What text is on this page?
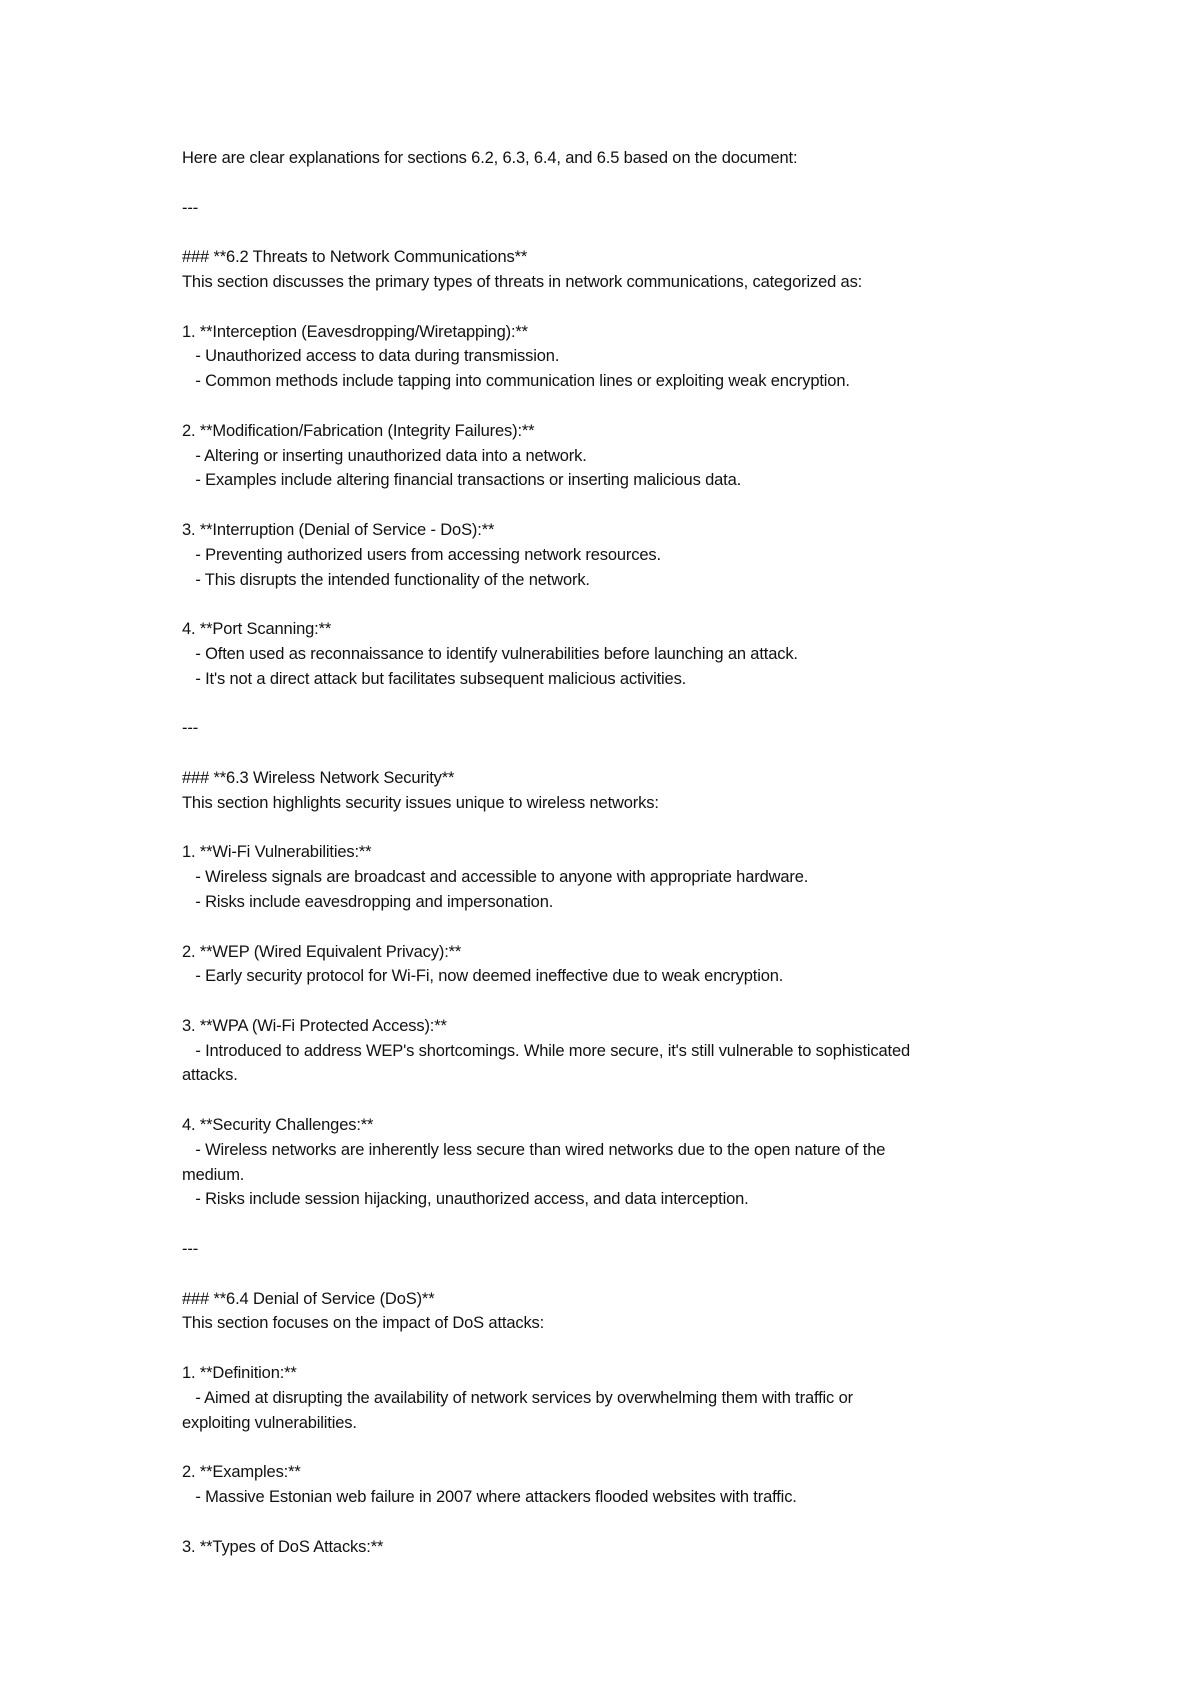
Here are clear explanations for sections 6.2, 6.3, 6.4, and 6.5 based on the document:
---
### **6.2 Threats to Network Communications**
This section discusses the primary types of threats in network communications, categorized as:
1. **Interception (Eavesdropping/Wiretapping):**
- Unauthorized access to data during transmission.
- Common methods include tapping into communication lines or exploiting weak encryption.
2. **Modification/Fabrication (Integrity Failures):**
- Altering or inserting unauthorized data into a network.
- Examples include altering financial transactions or inserting malicious data.
3. **Interruption (Denial of Service - DoS):**
- Preventing authorized users from accessing network resources.
- This disrupts the intended functionality of the network.
4. **Port Scanning:**
- Often used as reconnaissance to identify vulnerabilities before launching an attack.
- It's not a direct attack but facilitates subsequent malicious activities.
---
### **6.3 Wireless Network Security**
This section highlights security issues unique to wireless networks:
1. **Wi-Fi Vulnerabilities:**
- Wireless signals are broadcast and accessible to anyone with appropriate hardware.
- Risks include eavesdropping and impersonation.
2. **WEP (Wired Equivalent Privacy):**
- Early security protocol for Wi-Fi, now deemed ineffective due to weak encryption.
3. **WPA (Wi-Fi Protected Access):**
- Introduced to address WEP's shortcomings. While more secure, it's still vulnerable to sophisticated
attacks.
4. **Security Challenges:**
- Wireless networks are inherently less secure than wired networks due to the open nature of the
medium.
- Risks include session hijacking, unauthorized access, and data interception.
---
### **6.4 Denial of Service (DoS)**
This section focuses on the impact of DoS attacks:
1. **Definition:**
- Aimed at disrupting the availability of network services by overwhelming them with traffic or
exploiting vulnerabilities.
2. **Examples:**
- Massive Estonian web failure in 2007 where attackers flooded websites with traffic.
3. **Types of DoS Attacks:**
